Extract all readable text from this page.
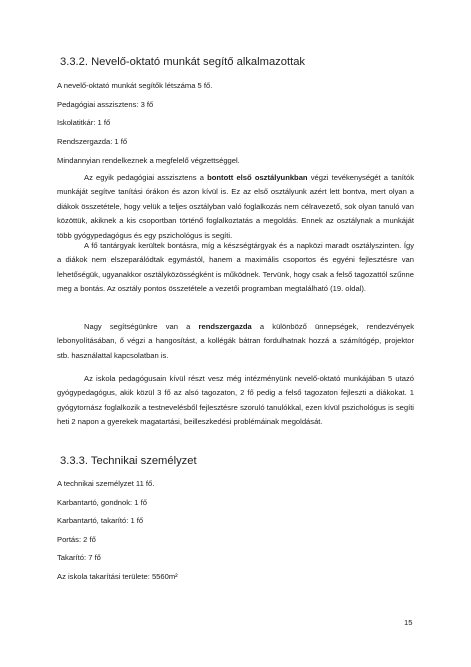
3.3.2. Nevelő-oktató munkát segítő alkalmazottak
A nevelő-oktató munkát segítők létszáma 5 fő.
Pedagógiai asszisztens: 3 fő
Iskolatitkár: 1 fő
Rendszergazda: 1 fő
Mindannyian rendelkeznek a megfelelő végzettséggel.
Az egyik pedagógiai asszisztens a bontott első osztályunkban végzi tevékenységét a tanítók munkáját segítve tanítási órákon és azon kívül is. Ez az első osztályunk azért lett bontva, mert olyan a diákok összetétele, hogy velük a teljes osztályban való foglalkozás nem célravezető, sok olyan tanuló van közöttük, akiknek a kis csoportban történő foglalkoztatás a megoldás. Ennek az osztálynak a munkáját több gyógypedagógus és egy pszichológus is segíti.
A fő tantárgyak kerültek bontásra, míg a készségtárgyak és a napközi maradt osztályszinten. Így a diákok nem elszeparálódtak egymástól, hanem a maximális csoportos és egyéni fejlesztésre van lehetőségük, ugyanakkor osztályközösségként is működnek. Tervünk, hogy csak a felső tagozattól szűnne meg a bontás. Az osztály pontos összetétele a vezetői programban megtalálható (19. oldal).
Nagy segítségünkre van a rendszergazda a különböző ünnepségek, rendezvények lebonyolításában, ő végzi a hangosítást, a kollégák bátran fordulhatnak hozzá a számítógép, projektor stb. használattal kapcsolatban is.
Az iskola pedagógusain kívül részt vesz még intézményünk nevelő-oktató munkájában 5 utazó gyógypedagógus, akik közül 3 fő az alsó tagozaton, 2 fő pedig a felső tagozaton fejleszti a diákokat. 1 gyógytornász foglalkozik a testnevelésből fejlesztésre szoruló tanulókkal, ezen kívül pszichológus is segíti heti 2 napon a gyerekek magatartási, beilleszkedési problémáinak megoldását.
3.3.3. Technikai személyzet
A technikai személyzet 11 fő.
Karbantartó, gondnok: 1 fő
Karbantartó, takarító: 1 fő
Portás: 2 fő
Takarító: 7 fő
Az iskola takarítási területe: 5560m²
15
